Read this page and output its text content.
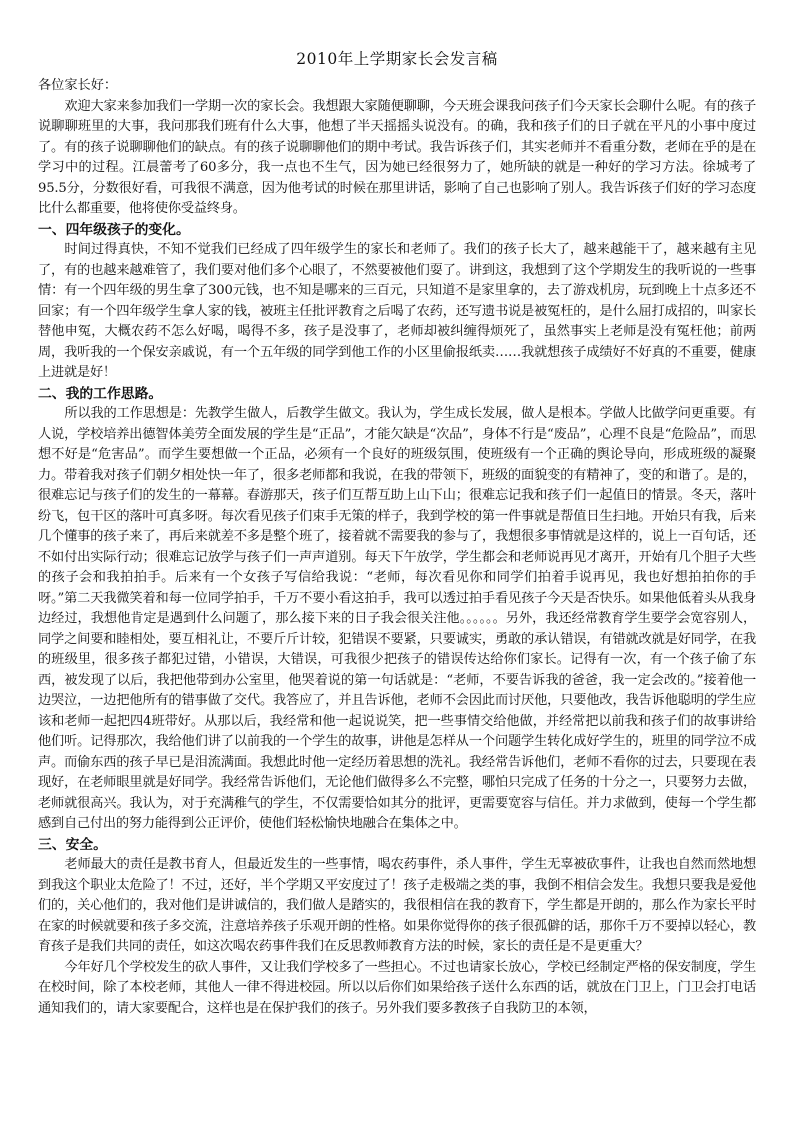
2010年上学期家长会发言稿

各位家长好：

欢迎大家来参加我们一学期一次的家长会。我想跟大家随便聊聊，今天班会课我问孩子们今天家长会聊什么呢。有的孩子说聊聊班里的大事，我问那我们班有什么大事，他想了半天摇摇头说没有。的确，我和孩子们的日子就在平凡的小事中度过了。有的孩子说聊聊他们的缺点。有的孩子说聊聊他们的期中考试。我告诉孩子们，其实老师并不看重分数，老师在乎的是在学习中的过程。江晨蕾考了60多分，我一点也不生气，因为她已经很努力了，她所缺的就是一种好的学习方法。徐城考了95.5分，分数很好看，可我很不满意，因为他考试的时候在那里讲话，影响了自己也影响了别人。我告诉孩子们好的学习态度比什么都重要，他将使你受益终身。

一、四年级孩子的变化。

时间过得真快，不知不觉我们已经成了四年级学生的家长和老师了。我们的孩子长大了，越来越能干了，越来越有主见了，有的也越来越难管了，我们要对他们多个心眼了，不然要被他们耍了。讲到这，我想到了这个学期发生的我听说的一些事情：有一个四年级的男生拿了300元钱，也不知是哪来的三百元，只知道不是家里拿的，去了游戏机房，玩到晚上十点多还不回家；有一个四年级学生拿人家的钱，被班主任批评教育之后喝了农药，还写遗书说是被冤枉的，是什么屈打成招的，叫家长替他申冤，大概农药不怎么好喝，喝得不多，孩子是没事了，老师却被纠缠得烦死了，虽然事实上老师是没有冤枉他；前两周，我听我的一个保安亲戚说，有一个五年级的同学到他工作的小区里偷报纸卖……我就想孩子成绩好不好真的不重要，健康上进就是好！

二、我的工作思路。

所以我的工作思想是：先教学生做人，后教学生做文。我认为，学生成长发展，做人是根本。学做人比做学问更重要。有人说，学校培养出德智体美劳全面发展的学生是“正品”，才能欠缺是“次品”，身体不行是“废品”，心理不良是“危险品”，而思想不好是“危害品”。而学生要想做一个正品，必须有一个良好的班级氛围，使班级有一个正确的舆论导向，形成班级的凝聚力。带着我对孩子们朝夕相处快一年了，很多老师都和我说，在我的带领下，班级的面貌变的有精神了，变的和谐了。是的，很难忘记与孩子们的发生的一幕幕。春游那天，孩子们互帮互助上山下山；很难忘记我和孩子们一起值日的情景。冬天，落叶纷飞，包干区的落叶可真多呀。每次看见孩子们束手无策的样子，我到学校的第一件事就是帮值日生扫地。开始只有我，后来几个懂事的孩子来了，再后来就差不多是整个班了，接着就不需要我的参与了，我想很多事情就是这样的，说上一百句话，还不如付出实际行动；很难忘记放学与孩子们一声声道别。每天下午放学，学生都会和老师说再见才离开，开始有几个胆子大些的孩子会和我拍拍手。后来有一个女孩子写信给我说：“老师，每次看见你和同学们拍着手说再见，我也好想拍拍你的手呀。”第二天我微笑着和每一位同学拍手，千万不要小看这拍手，我可以透过拍手看见孩子今天是否快乐。如果他低着头从我身边经过，我想他肯定是遇到什么问题了，那么接下来的日子我会很关注他。。。。。。另外，我还经常教育学生要学会宽容别人，同学之间要和睦相处，要互相礼让，不要斤斤计较，犯错误不要紧，只要诚实，勇敢的承认错误，有错就改就是好同学，在我的班级里，很多孩子都犯过错，小错误，大错误，可我很少把孩子的错误传达给你们家长。记得有一次，有一个孩子偷了东西，被发现了以后，我把他带到办公室里，他哭着说的第一句话就是：“老师，不要告诉我的爸爸，我一定会改的。”接着他一边哭泣，一边把他所有的错事做了交代。我答应了，并且告诉他，老师不会因此而讨厌他，只要他改，我告诉他聪明的学生应该和老师一起把四4班带好。从那以后，我经常和他一起说说笑，把一些事情交给他做，并经常把以前我和孩子们的故事讲给他们听。记得那次，我给他们讲了以前我的一个学生的故事，讲他是怎样从一个问题学生转化成好学生的，班里的同学泣不成声。而偷东西的孩子早已是泪流满面。我想此时他一定经历着思想的洗礼。我经常告诉他们，老师不看你的过去，只要现在表现好，在老师眼里就是好同学。我经常告诉他们，无论他们做得多么不完整，哪怕只完成了任务的十分之一，只要努力去做，老师就很高兴。我认为，对于充满稚气的学生，不仅需要恰如其分的批评，更需要宽容与信任。并力求做到，使每一个学生都感到自己付出的努力能得到公正评价，使他们轻松愉快地融合在集体之中。

三、安全。

老师最大的责任是教书育人，但最近发生的一些事情，喝农药事件，杀人事件，学生无辜被砍事件，让我也自然而然地想到我这个职业太危险了！不过，还好，半个学期又平安度过了！孩子走极端之类的事，我倒不相信会发生。我想只要我是爱他们的，关心他们的，我对他们是讲诚信的，我们做人是踏实的，我很相信在我的教育下，学生都是开朗的，那么作为家长平时在家的时候就要和孩子多交流，注意培养孩子乐观开朗的性格。如果你觉得你的孩子很孤僻的话，那你千万不要掉以轻心，教育孩子是我们共同的责任，如这次喝农药事件我们在反思教师教育方法的时候，家长的责任是不是更重大？

今年好几个学校发生的砍人事件，又让我们学校多了一些担心。不过也请家长放心，学校已经制定严格的保安制度，学生在校时间，除了本校老师，其他人一律不得进校园。所以以后你们如果给孩子送什么东西的话，就放在门卫上，门卫会打电话通知我们的，请大家要配合，这样也是在保护我们的孩子。另外我们要多教孩子自我防卫的本领，
